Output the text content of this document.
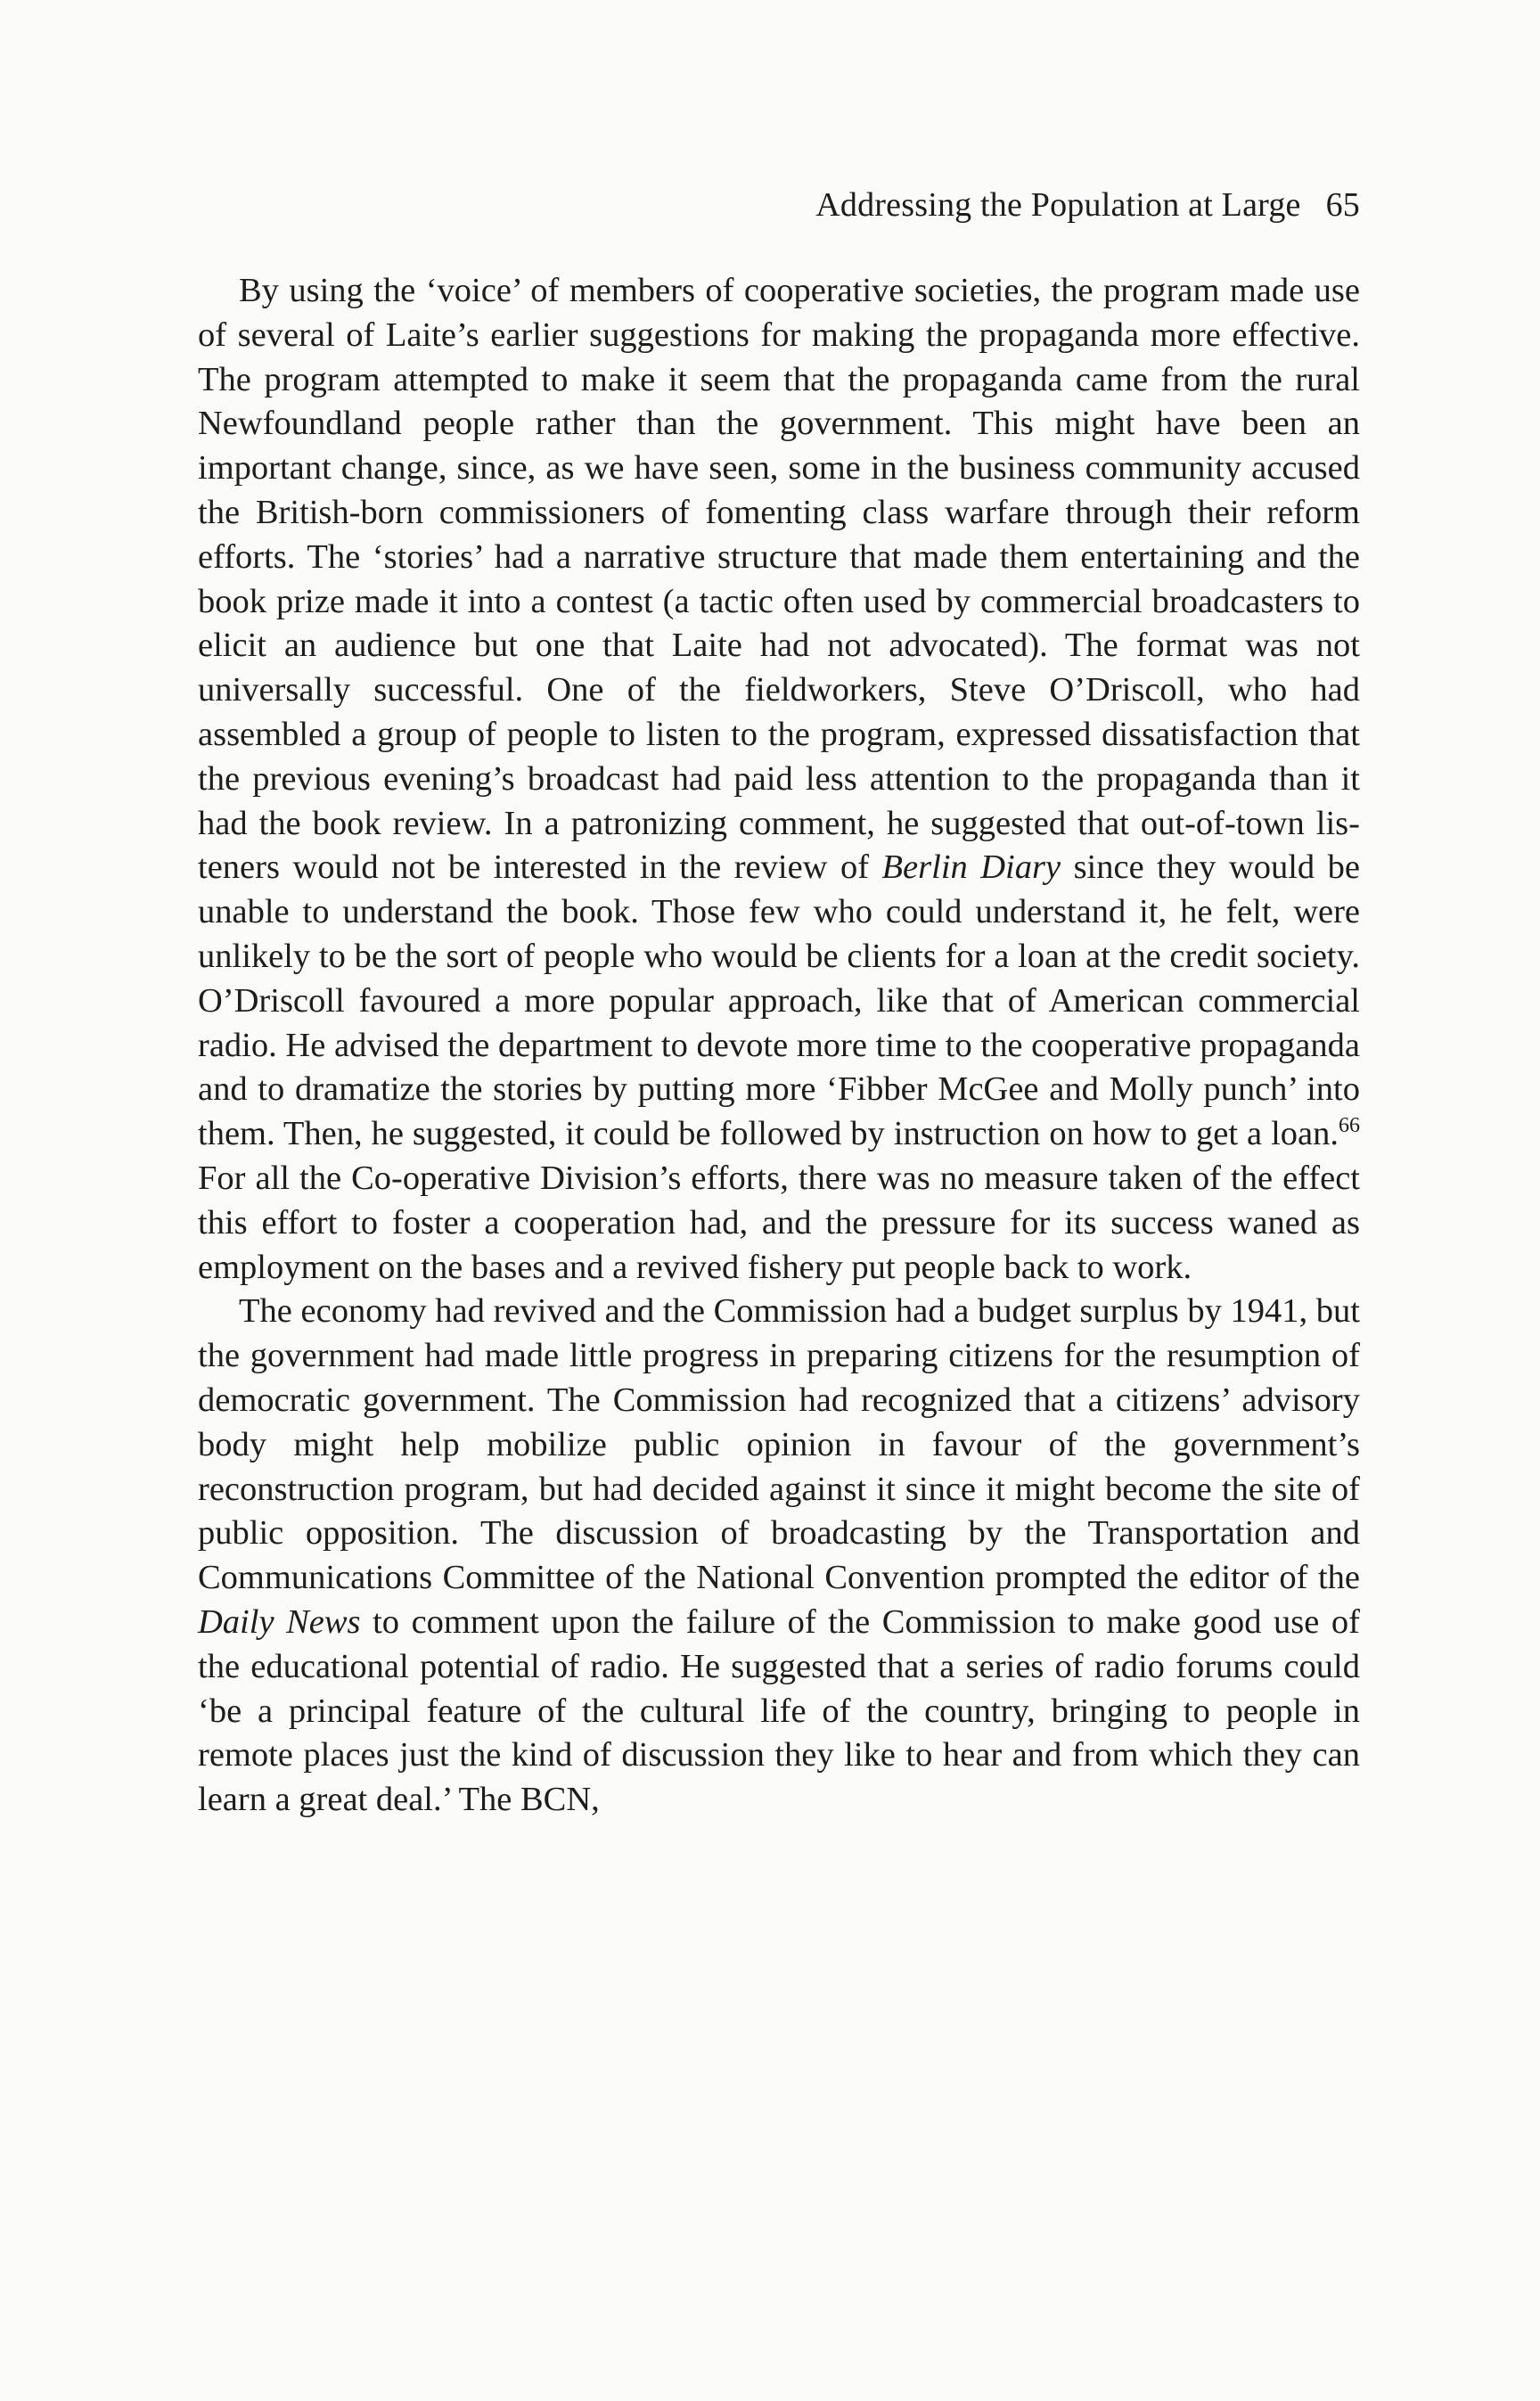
Addressing the Population at Large 65

By using the ‘voice’ of members of cooperative societies, the program made use of several of Laite’s earlier suggestions for making the propaganda more effective. The program attempted to make it seem that the propaganda came from the rural Newfoundland people rather than the government. This might have been an important change, since, as we have seen, some in the business community accused the British-born commissioners of fomenting class warfare through their reform efforts. The ‘stories’ had a narrative structure that made them entertaining and the book prize made it into a contest (a tactic often used by commercial broadcasters to elicit an audience but one that Laite had not advocated). The format was not universally successful. One of the fieldworkers, Steve O’Driscoll, who had assembled a group of people to listen to the program, expressed dissatisfaction that the previous evening’s broadcast had paid less attention to the propaganda than it had the book review. In a patronizing comment, he suggested that out-of-town listeners would not be interested in the review of Berlin Diary since they would be unable to understand the book. Those few who could understand it, he felt, were unlikely to be the sort of people who would be clients for a loan at the credit society. O’Driscoll favoured a more popular approach, like that of American commercial radio. He advised the department to devote more time to the cooperative propaganda and to dramatize the stories by putting more ‘Fibber McGee and Molly punch’ into them. Then, he suggested, it could be followed by instruction on how to get a loan.$^{66}$ For all the Co-operative Division’s efforts, there was no measure taken of the effect this effort to foster a cooperation had, and the pressure for its success waned as employment on the bases and a revived fishery put people back to work.

The economy had revived and the Commission had a budget surplus by 1941, but the government had made little progress in preparing citizens for the resumption of democratic government. The Commission had recognized that a citizens’ advisory body might help mobilize public opinion in favour of the government’s reconstruction program, but had decided against it since it might become the site of public opposition. The discussion of broadcasting by the Transportation and Communications Committee of the National Convention prompted the editor of the Daily News to comment upon the failure of the Commission to make good use of the educational potential of radio. He suggested that a series of radio forums could ‘be a principal feature of the cultural life of the country, bringing to people in remote places just the kind of discussion they like to hear and from which they can learn a great deal.’ The BCN,
